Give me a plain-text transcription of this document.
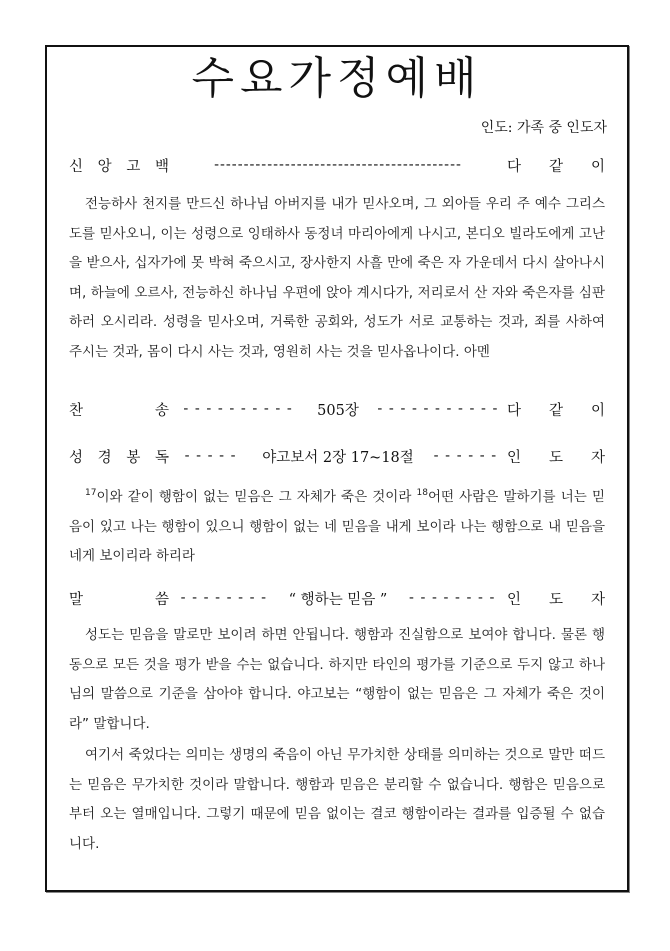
수요가정예배
인도: 가족 중 인도자
신 앙 고 백	------------------------------------------	다 같 이
전능하사 천지를 만드신 하나님 아버지를 내가 믿사오며, 그 외아들 우리 주 예수 그리스도를 믿사오니, 이는 성령으로 잉태하사 동정녀 마리아에게 나시고, 본디오 빌라도에게 고난을 받으사, 십자가에 못 박혀 죽으시고, 장사한지 사흘 만에 죽은 자 가운데서 다시 살아나시며, 하늘에 오르사, 전능하신 하나님 우편에 앉아 계시다가, 저리로서 산 자와 죽은자를 심판하러 오시리라. 성령을 믿사오며, 거룩한 공회와, 성도가 서로 교통하는 것과, 죄를 사하여 주시는 것과, 몸이 다시 사는 것과, 영원히 사는 것을 믿사옵나이다. 아멘
찬	송 - - - - - - - - - -	505장	- - - - - - - - - - - 다 같 이
성 경 봉 독	- - - - -	야고보서 2장 17~18절	- - - - - - 인 도 자
$^{17}$이와 같이 행함이 없는 믿음은 그 자체가 죽은 것이라 $^{18}$어떤 사람은 말하기를 너는 믿음이 있고 나는 행함이 있으니 행함이 없는 네 믿음을 내게 보이라 나는 행함으로 내 믿음을 네게 보이리라 하리라
말	씀 - - - - - - - -	“ 행하는 믿음 ”	- - - - - - - - 인 도 자
성도는 믿음을 말로만 보이려 하면 안됩니다. 행함과 진실함으로 보여야 합니다. 물론 행동으로 모든 것을 평가 받을 수는 없습니다. 하지만 타인의 평가를 기준으로 두지 않고 하나님의 말씀으로 기준을 삼아야 합니다. 야고보는 “행함이 없는 믿음은 그 자체가 죽은 것이라” 말합니다.
여기서 죽었다는 의미는 생명의 죽음이 아닌 무가치한 상태를 의미하는 것으로 말만 떠드는 믿음은 무가치한 것이라 말합니다. 행함과 믿음은 분리할 수 없습니다. 행함은 믿음으로부터 오는 열매입니다. 그렇기 때문에 믿음 없이는 결코 행함이라는 결과를 입증될 수 없습니다.
